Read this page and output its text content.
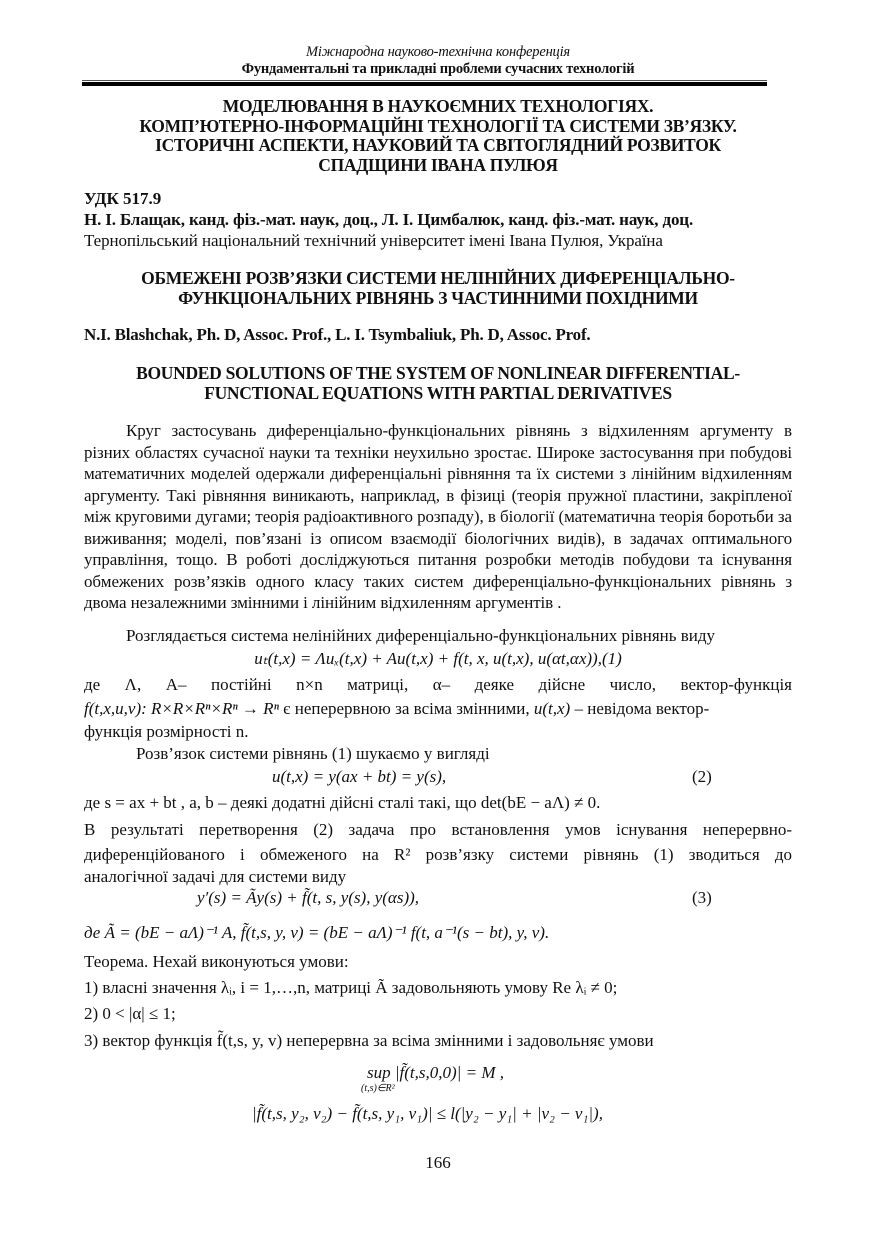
Міжнародна науково-технічна конференція
Фундаментальні та прикладні проблеми сучасних технологій
МОДЕЛЮВАННЯ В НАУКОЄМНИХ ТЕХНОЛОГІЯХ.
КОМП’ЮТЕРНО-ІНФОРМАЦІЙНІ ТЕХНОЛОГІЇ ТА СИСТЕМИ ЗВ’ЯЗКУ.
ІСТОРИЧНІ АСПЕКТИ, НАУКОВИЙ ТА СВІТОГЛЯДНИЙ РОЗВИТОК
СПАДЩИНИ ІВАНА ПУЛЮЯ
УДК 517.9
Н. І. Блащак, канд. фіз.-мат. наук, доц., Л. І. Цимбалюк, канд. фіз.-мат. наук, доц.
Тернопільський національний технічний університет імені Івана Пулюя, Україна
ОБМЕЖЕНІ РОЗВ’ЯЗКИ СИСТЕМИ НЕЛІНІЙНИХ ДИФЕРЕНЦІАЛЬНО-
ФУНКЦІОНАЛЬНИХ РІВНЯНЬ З ЧАСТИННИМИ ПОХІДНИМИ
N.I. Blashchak, Ph. D, Assoc. Prof., L. I. Tsymbaliuk, Ph. D, Assoc. Prof.
BOUNDED SOLUTIONS OF THE SYSTEM OF NONLINEAR DIFFERENTIAL-
FUNCTIONAL EQUATIONS WITH PARTIAL DERIVATIVES
Круг застосувань диференціально-функціональних рівнянь з відхиленням аргументу в різних областях сучасної науки та техніки неухильно зростає. Широке застосування при побудові математичних моделей одержали диференціальні рівняння та їх системи з лінійним відхиленням аргументу. Такі рівняння виникають, наприклад, в фізиці (теорія пружної пластини, закріпленої між круговими дугами; теорія радіоактивного розпаду), в біології (математична теорія боротьби за виживання; моделі, пов’язані із описом взаємодії біологічних видів), в задачах оптимального управління, тощо. В роботі досліджуються питання розробки методів побудови та існування обмежених розв’язків одного класу таких систем диференціально-функціональних рівнянь з двома незалежними змінними і лінійним відхиленням аргументів .
Розглядається система нелінійних диференціально-функціональних рівнянь виду
uₜ(t,x) = Λuₓ(t,x) + Au(t,x) + f(t, x, u(t,x), u(αt,αx)),(1)
де Λ, A– постійні n×n матриці, α– деяке дійсне число, вектор-функція
f(t,x,u,v): R×R×Rⁿ×Rⁿ → Rⁿ є неперервною за всіма змінними, u(t,x) – невідома вектор-
функція розмірності n.
Розв’язок системи рівнянь (1) шукаємо у вигляді
u(t,x) = y(ax + bt) = y(s),	(2)
де s = ax + bt , a, b – деякі додатні дійсні сталі такі, що det(bE − aΛ) ≠ 0.
В результаті перетворення (2) задача про встановлення умов існування неперервно-
диференційованого і обмеженого на R² розв’язку системи рівнянь (1) зводиться до
аналогічної задачі для системи виду
y′(s) = Ãy(s) + f̃(t, s, y(s), y(αs)),	(3)
де Ã = (bE − aΛ)⁻¹ A, f̃(t,s, y, v) = (bE − aΛ)⁻¹ f(t, a⁻¹(s − bt), y, v).
Теорема. Нехай виконуються умови:
1) власні значення λᵢ, i = 1,…,n, матриці Ã задовольняють умову Re λᵢ ≠ 0;
2) 0 < |α| ≤ 1;
3) вектор функція f̃(t,s, y, v) неперервна за всіма змінними і задовольняє умови
sup |f̃(t,s,0,0)| = M ,
(t,s)∈R²
|f̃(t,s, y₂, v₂) − f̃(t,s, y₁, v₁)| ≤ l(|y₂ − y₁| + |v₂ − v₁|),
166
